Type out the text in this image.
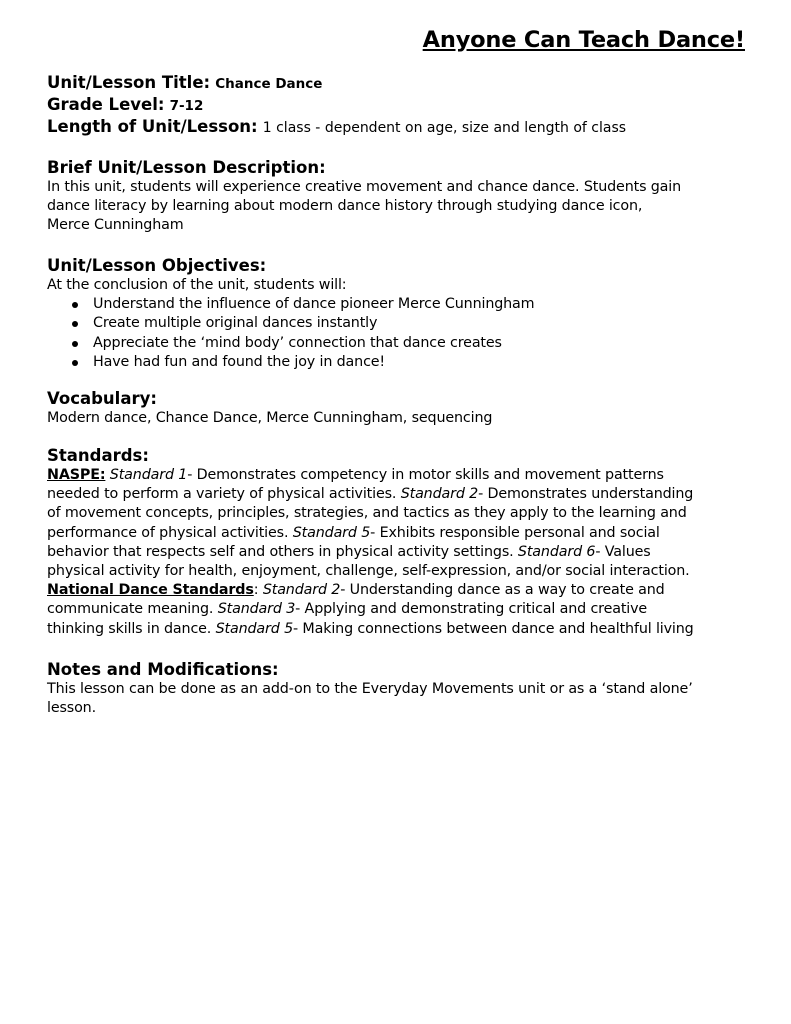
Anyone Can Teach Dance!
Unit/Lesson Title: Chance Dance
Grade Level: 7-12
Length of Unit/Lesson: 1 class - dependent on age, size and length of class
Brief Unit/Lesson Description:
In this unit, students will experience creative movement and chance dance. Students gain
dance literacy by learning about modern dance history through studying dance icon,
Merce Cunningham
Unit/Lesson Objectives:
At the conclusion of the unit, students will:
Understand the influence of dance pioneer Merce Cunningham
Create multiple original dances instantly
Appreciate the ‘mind body’ connection that dance creates
Have had fun and found the joy in dance!
Vocabulary:
Modern dance, Chance Dance, Merce Cunningham, sequencing
Standards:
NASPE: Standard 1- Demonstrates competency in motor skills and movement patterns
needed to perform a variety of physical activities. Standard 2- Demonstrates understanding
of movement concepts, principles, strategies, and tactics as they apply to the learning and
performance of physical activities. Standard 5- Exhibits responsible personal and social
behavior that respects self and others in physical activity settings. Standard 6- Values
physical activity for health, enjoyment, challenge, self-expression, and/or social interaction.
National Dance Standards: Standard 2- Understanding dance as a way to create and
communicate meaning. Standard 3- Applying and demonstrating critical and creative
thinking skills in dance. Standard 5- Making connections between dance and healthful living
Notes and Modifications:
This lesson can be done as an add-on to the Everyday Movements unit or as a ‘stand alone’
lesson.
